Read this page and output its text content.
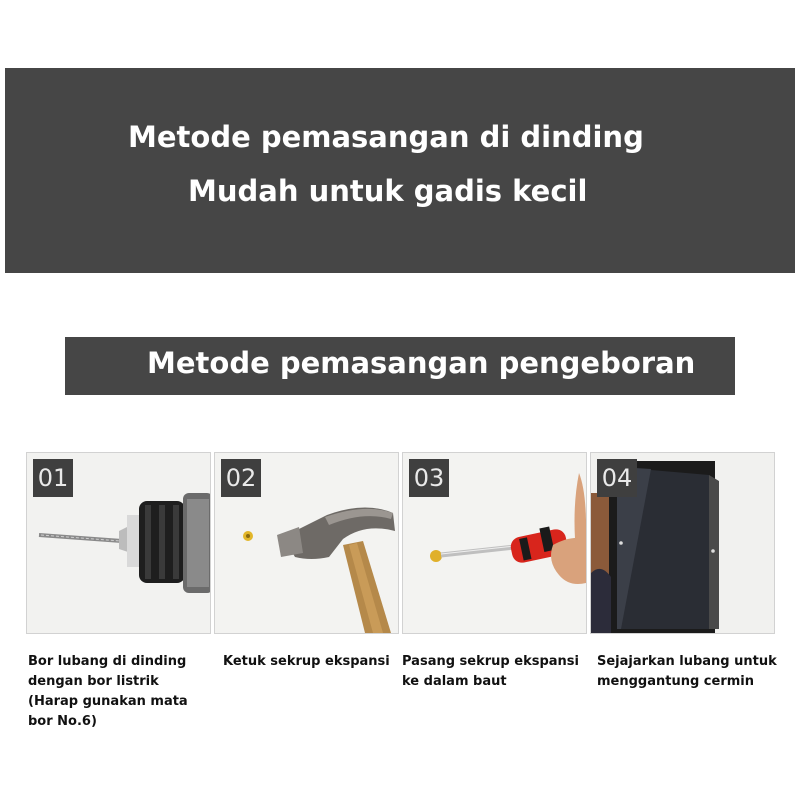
Metode pemasangan di dinding
Mudah untuk gadis kecil
Metode pemasangan pengeboran
01	02	03	04
Bor lubang di dinding dengan bor listrik (Harap gunakan mata bor No.6)
Ketuk sekrup ekspansi Pasang sekrup ekspansi ke dalam baut
Sejajarkan lubang untuk menggantung cermin
